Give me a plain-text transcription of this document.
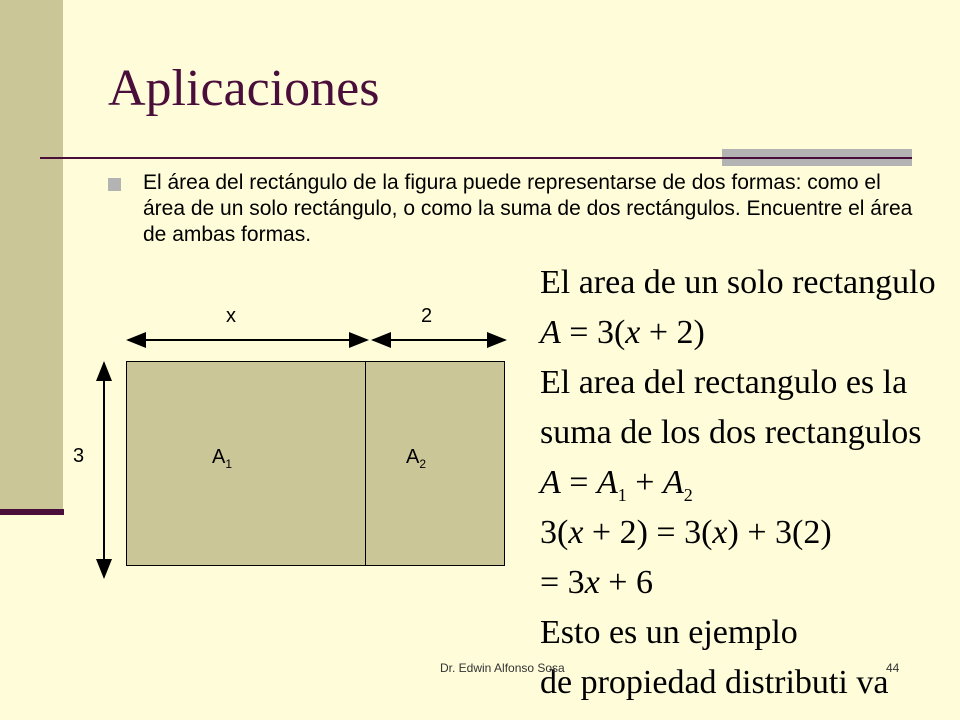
Aplicaciones

El área del rectángulo de la figura puede representarse de dos formas: como el área de un solo rectángulo, o como la suma de dos rectángulos. Encuentre el área de ambas formas.

x	2
3	$A_1$	$A_2$
El area de un solo rectangulo
A = 3(x + 2)
El area del rectangulo es la
suma de los dos rectangulos
$A = A_1 + A_2$
3(x + 2) = 3(x) + 3(2)
= 3x + 6
Esto es un ejemplo
de propiedad distributi va
Dr. Edwin Alfonso Sosa	44
